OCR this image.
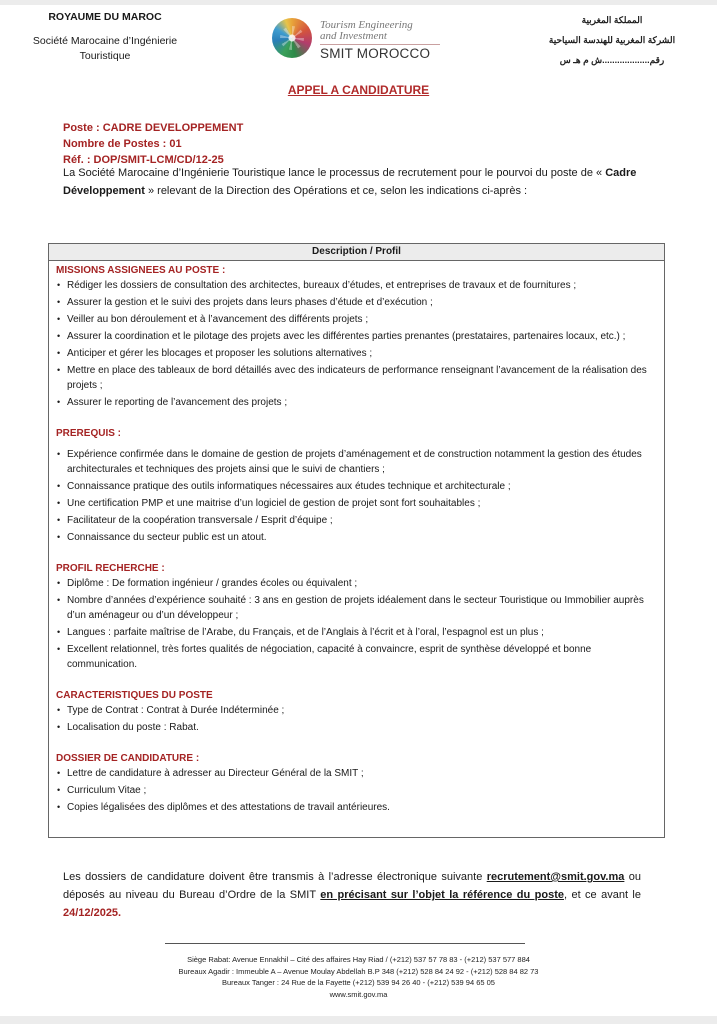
ROYAUME DU MAROC
Société Marocaine d’Ingénierie
Touristique
Tourism Engineering
and Investment
SMIT MOROCCO
المملكة المغربية
الشركة المغربية للهندسة السياحية
رقم...................ش م هـ س
APPEL A CANDIDATURE
Poste : CADRE DEVELOPPEMENT
Nombre de Postes : 01
Réf. : DOP/SMIT-LCM/CD/12-25
La Société Marocaine d’Ingénierie Touristique lance le processus de recrutement pour le pourvoi du poste de « Cadre Développement » relevant de la Direction des Opérations et ce, selon les indications ci-après :
Description / Profil
MISSIONS ASSIGNEES AU POSTE :
• Rédiger les dossiers de consultation des architectes, bureaux d’études, et entreprises de travaux et de fournitures ;
• Assurer la gestion et le suivi des projets dans leurs phases d’étude et d’exécution ;
• Veiller au bon déroulement et à l’avancement des différents projets ;
• Assurer la coordination et le pilotage des projets avec les différentes parties prenantes (prestataires, partenaires locaux, etc.) ;
• Anticiper et gérer les blocages et proposer les solutions alternatives ;
• Mettre en place des tableaux de bord détaillés avec des indicateurs de performance renseignant l’avancement de la réalisation des projets ;
• Assurer le reporting de l’avancement des projets ;
PREREQUIS :
• Expérience confirmée dans le domaine de gestion de projets d’aménagement et de construction notamment la gestion des études architecturales et techniques des projets ainsi que le suivi de chantiers ;
• Connaissance pratique des outils informatiques nécessaires aux études technique et architecturale ;
• Une certification PMP et une maitrise d’un logiciel de gestion de projet sont fort souhaitables ;
• Facilitateur de la coopération transversale / Esprit d’équipe ;
• Connaissance du secteur public est un atout.
PROFIL RECHERCHE :
• Diplôme : De formation ingénieur / grandes écoles ou équivalent ;
• Nombre d’années d’expérience souhaité : 3 ans en gestion de projets idéalement dans le secteur Touristique ou Immobilier auprès d’un aménageur ou d’un développeur ;
• Langues : parfaite maîtrise de l’Arabe, du Français, et de l’Anglais à l’écrit et à l’oral, l’espagnol est un plus ;
• Excellent relationnel, très fortes qualités de négociation, capacité à convaincre, esprit de synthèse développé et bonne communication.
CARACTERISTIQUES DU POSTE
• Type de Contrat : Contrat à Durée Indéterminée ;
• Localisation du poste : Rabat.
DOSSIER DE CANDIDATURE :
• Lettre de candidature à adresser au Directeur Général de la SMIT ;
• Curriculum Vitae ;
• Copies légalisées des diplômes et des attestations de travail antérieures.
Les dossiers de candidature doivent être transmis à l’adresse électronique suivante recrutement@smit.gov.ma ou déposés au niveau du Bureau d’Ordre de la SMIT en précisant sur l’objet la référence du poste, et ce avant le 24/12/2025.
Siège Rabat: Avenue Ennakhil – Cité des affaires Hay Riad / (+212) 537 57 78 83 - (+212) 537 577 884
Bureaux Agadir : Immeuble A – Avenue Moulay Abdellah B.P 348 (+212) 528 84 24 92 - (+212) 528 84 82 73
Bureaux Tanger : 24 Rue de la Fayette (+212) 539 94 26 40 - (+212) 539 94 65 05
www.smit.gov.ma
